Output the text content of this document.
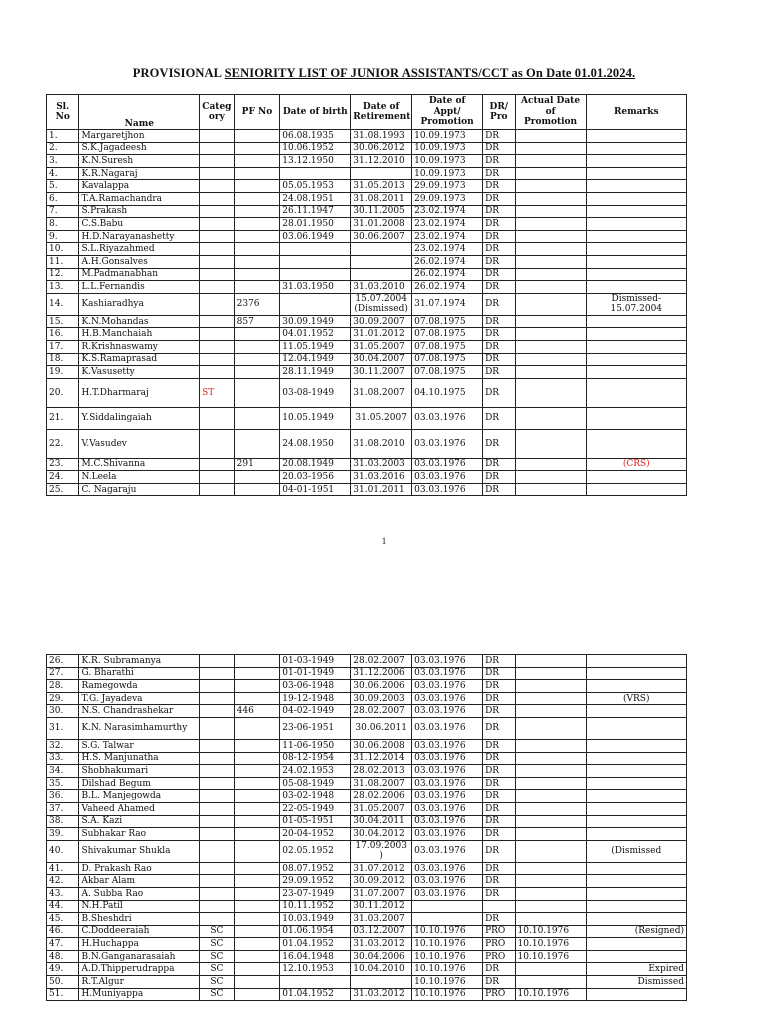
PROVISIONAL SENIORITY LIST OF JUNIOR ASSISTANTS/CCT as On Date 01.01.2024.
Sl. No	Name	Categ ory	PF No	Date of birth	Date of Retirement	Date of Appt/ Promotion	DR/ Pro	Actual Date of Promotion	Remarks
1.	Margaretjhon			06.08.1935	31.08.1993	10.09.1973	DR		
2.	S.K.Jagadeesh			10.06.1952	30.06.2012	10.09.1973	DR		
3.	K.N.Suresh			13.12.1950	31.12.2010	10.09.1973	DR		
4.	K.R.Nagaraj					10.09.1973	DR		
5.	Kavalappa			05.05.1953	31.05.2013	29.09.1973	DR		
6.	T.A.Ramachandra			24.08.1951	31.08.2011	29.09.1973	DR		
7.	S.Prakash			26.11.1947	30.11.2005	23.02.1974	DR		
8.	C.S.Babu			28.01.1950	31.01.2008	23.02.1974	DR		
9.	H.D.Narayanashetty			03.06.1949	30.06.2007	23.02.1974	DR		
10.	S.L.Riyazahmed					23.02.1974	DR		
11.	A.H.Gonsalves					26.02.1974	DR		
12.	M.Padmanabhan					26.02.1974	DR		
13.	L.L.Fernandis			31.03.1950	31.03.2010	26.02.1974	DR		
14.	Kashiaradhya		2376		15.07.2004 (Dismissed)	31.07.1974	DR		Dismissed- 15.07.2004
15.	K.N.Mohandas		857	30.09.1949	30.09.2007	07.08.1975	DR		
16.	H.B.Manchaiah			04.01.1952	31.01.2012	07.08.1975	DR		
17.	R.Krishnaswamy			11.05.1949	31.05.2007	07.08.1975	DR		
18.	K.S.Ramaprasad			12.04.1949	30.04.2007	07.08.1975	DR		
19.	K.Vasusetty			28.11.1949	30.11.2007	07.08.1975	DR		
20.	H.T.Dharmaraj	ST		03-08-1949	31.08.2007	04.10.1975	DR		
21.	Y.Siddalingaiah			10.05.1949	31.05.2007	03.03.1976	DR		
22.	V.Vasudev			24.08.1950	31.08.2010	03.03.1976	DR		
23.	M.C.Shivanna		291	20.08.1949	31.03.2003	03.03.1976	DR		(CRS)
24.	N.Leela			20.03-1956	31.03.2016	03.03.1976	DR		
25.	C. Nagaraju			04-01-1951	31.01.2011	03.03.1976	DR		
1
26.	K.R. Subramanya			01-03-1949	28.02.2007	03.03.1976	DR		
27.	G. Bharathi			01-01-1949	31.12.2006	03.03.1976	DR		
28.	Ramegowda			03-06-1948	30.06.2006	03.03.1976	DR		
29.	T.G. Jayadeva			19-12-1948	30.09.2003	03.03.1976	DR		(VRS)
30.	N.S. Chandrashekar		446	04-02-1949	28.02.2007	03.03.1976	DR		
31.	K.N. Narasimhamurthy			23-06-1951	30.06.2011	03.03.1976	DR		
32.	S.G. Talwar			11-06-1950	30.06.2008	03.03.1976	DR		
33.	H.S. Manjunatha			08-12-1954	31.12.2014	03.03.1976	DR		
34.	Shobhakumari			24.02.1953	28.02.2013	03.03.1976	DR		
35.	Dilshad Begum			05-08-1949	31.08.2007	03.03.1976	DR		
36.	B.L. Manjegowda			03-02-1948	28.02.2006	03.03.1976	DR		
37.	Vaheed Ahamed			22-05-1949	31.05.2007	03.03.1976	DR		
38.	S.A. Kazi			01-05-1951	30.04.2011	03.03.1976	DR		
39.	Subhakar Rao			20-04-1952	30.04.2012	03.03.1976	DR		
40.	Shivakumar Shukla			02.05.1952	17.09.2003 )	03.03.1976	DR		(Dismissed
41.	D. Prakash Rao			08.07.1952	31.07.2012	03.03.1976	DR		
42.	Akbar Alam			29.09.1952	30.09.2012	03.03.1976	DR		
43.	A. Subba Rao			23-07-1949	31.07.2007	03.03.1976	DR		
44.	N.H.Patil			10.11.1952	30.11.2012				
45.	B.Sheshdri			10.03.1949	31.03.2007		DR		
46.	C.Doddeeraiah	SC		01.06.1954	03.12.2007	10.10.1976	PRO	10.10.1976	(Resigned)
47.	H.Huchappa	SC		01.04.1952	31.03.2012	10.10.1976	PRO	10.10.1976	
48.	B.N.Ganganarasaiah	SC		16.04.1948	30.04.2006	10.10.1976	PRO	10.10.1976	
49.	A.D.Thipperudrappa	SC		12.10.1953	10.04.2010	10.10.1976	DR		Expired
50.	R.T.Algur	SC				10.10.1976	DR		Dismissed
51.	H.Muniyappa	SC		01.04.1952	31.03.2012	10.10.1976	PRO	10.10.1976	
